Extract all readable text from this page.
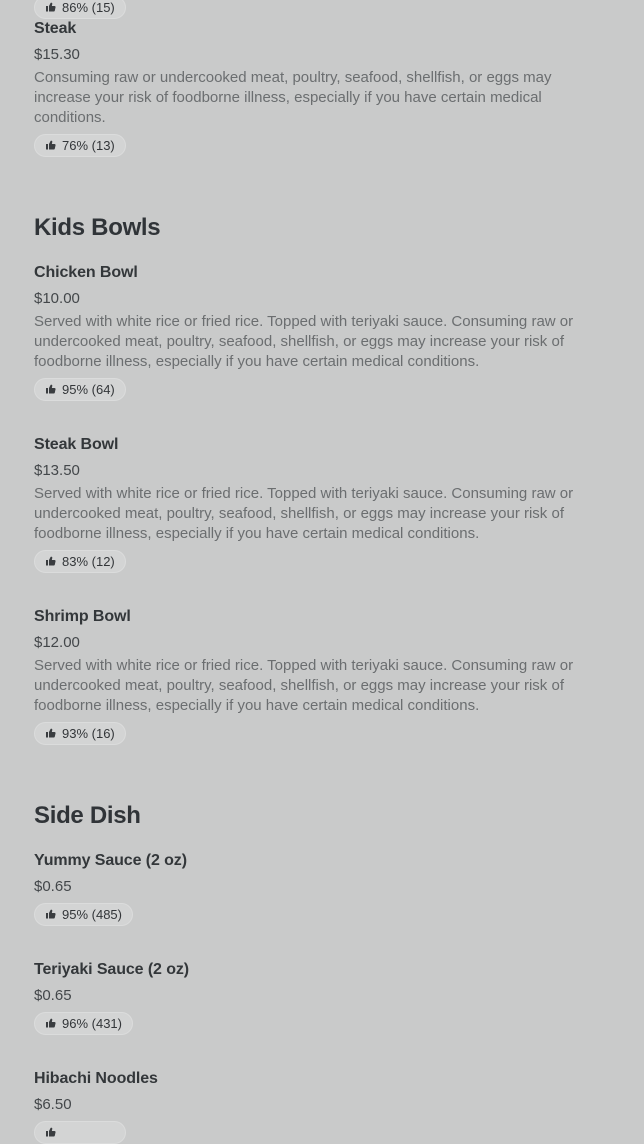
86% (15)
Steak
$15.30
Consuming raw or undercooked meat, poultry, seafood, shellfish, or eggs may increase your risk of foodborne illness, especially if you have certain medical conditions.
76% (13)
Kids Bowls
Chicken Bowl
$10.00
Served with white rice or fried rice. Topped with teriyaki sauce. Consuming raw or undercooked meat, poultry, seafood, shellfish, or eggs may increase your risk of foodborne illness, especially if you have certain medical conditions.
95% (64)
Steak Bowl
$13.50
Served with white rice or fried rice. Topped with teriyaki sauce. Consuming raw or undercooked meat, poultry, seafood, shellfish, or eggs may increase your risk of foodborne illness, especially if you have certain medical conditions.
83% (12)
Shrimp Bowl
$12.00
Served with white rice or fried rice. Topped with teriyaki sauce. Consuming raw or undercooked meat, poultry, seafood, shellfish, or eggs may increase your risk of foodborne illness, especially if you have certain medical conditions.
93% (16)
Side Dish
Yummy Sauce (2 oz)
$0.65
95% (485)
Teriyaki Sauce (2 oz)
$0.65
96% (431)
Hibachi Noodles
$6.50
